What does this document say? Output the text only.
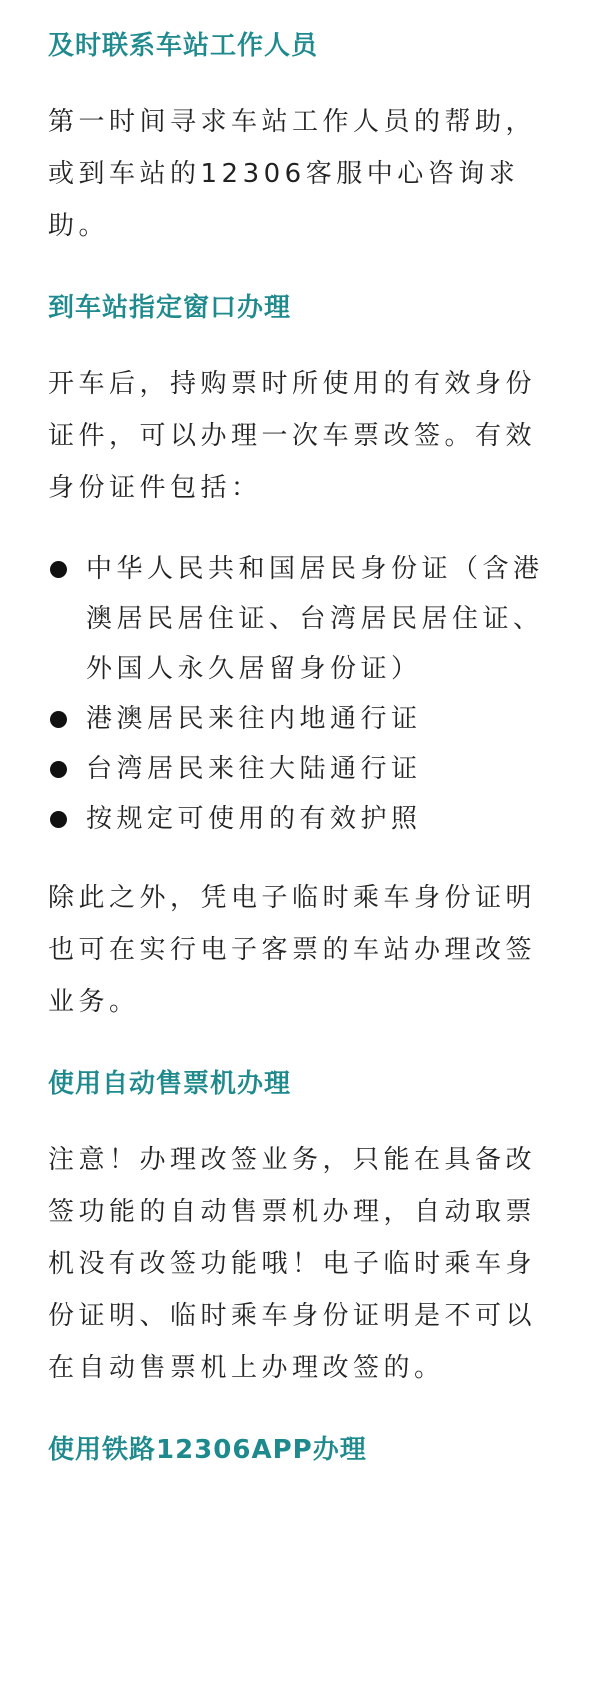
及时联系车站工作人员

第一时间寻求车站工作人员的帮助，或到车站的12306客服中心咨询求助。

到车站指定窗口办理

开车后，持购票时所使用的有效身份证件，可以办理一次车票改签。有效身份证件包括：

中华人民共和国居民身份证（含港澳居民居住证、台湾居民居住证、外国人永久居留身份证）
港澳居民来往内地通行证
台湾居民来往大陆通行证
按规定可使用的有效护照

除此之外，凭电子临时乘车身份证明也可在实行电子客票的车站办理改签业务。

使用自动售票机办理

注意！办理改签业务，只能在具备改签功能的自动售票机办理，自动取票机没有改签功能哦！电子临时乘车身份证明、临时乘车身份证明是不可以在自动售票机上办理改签的。

使用铁路12306APP办理
